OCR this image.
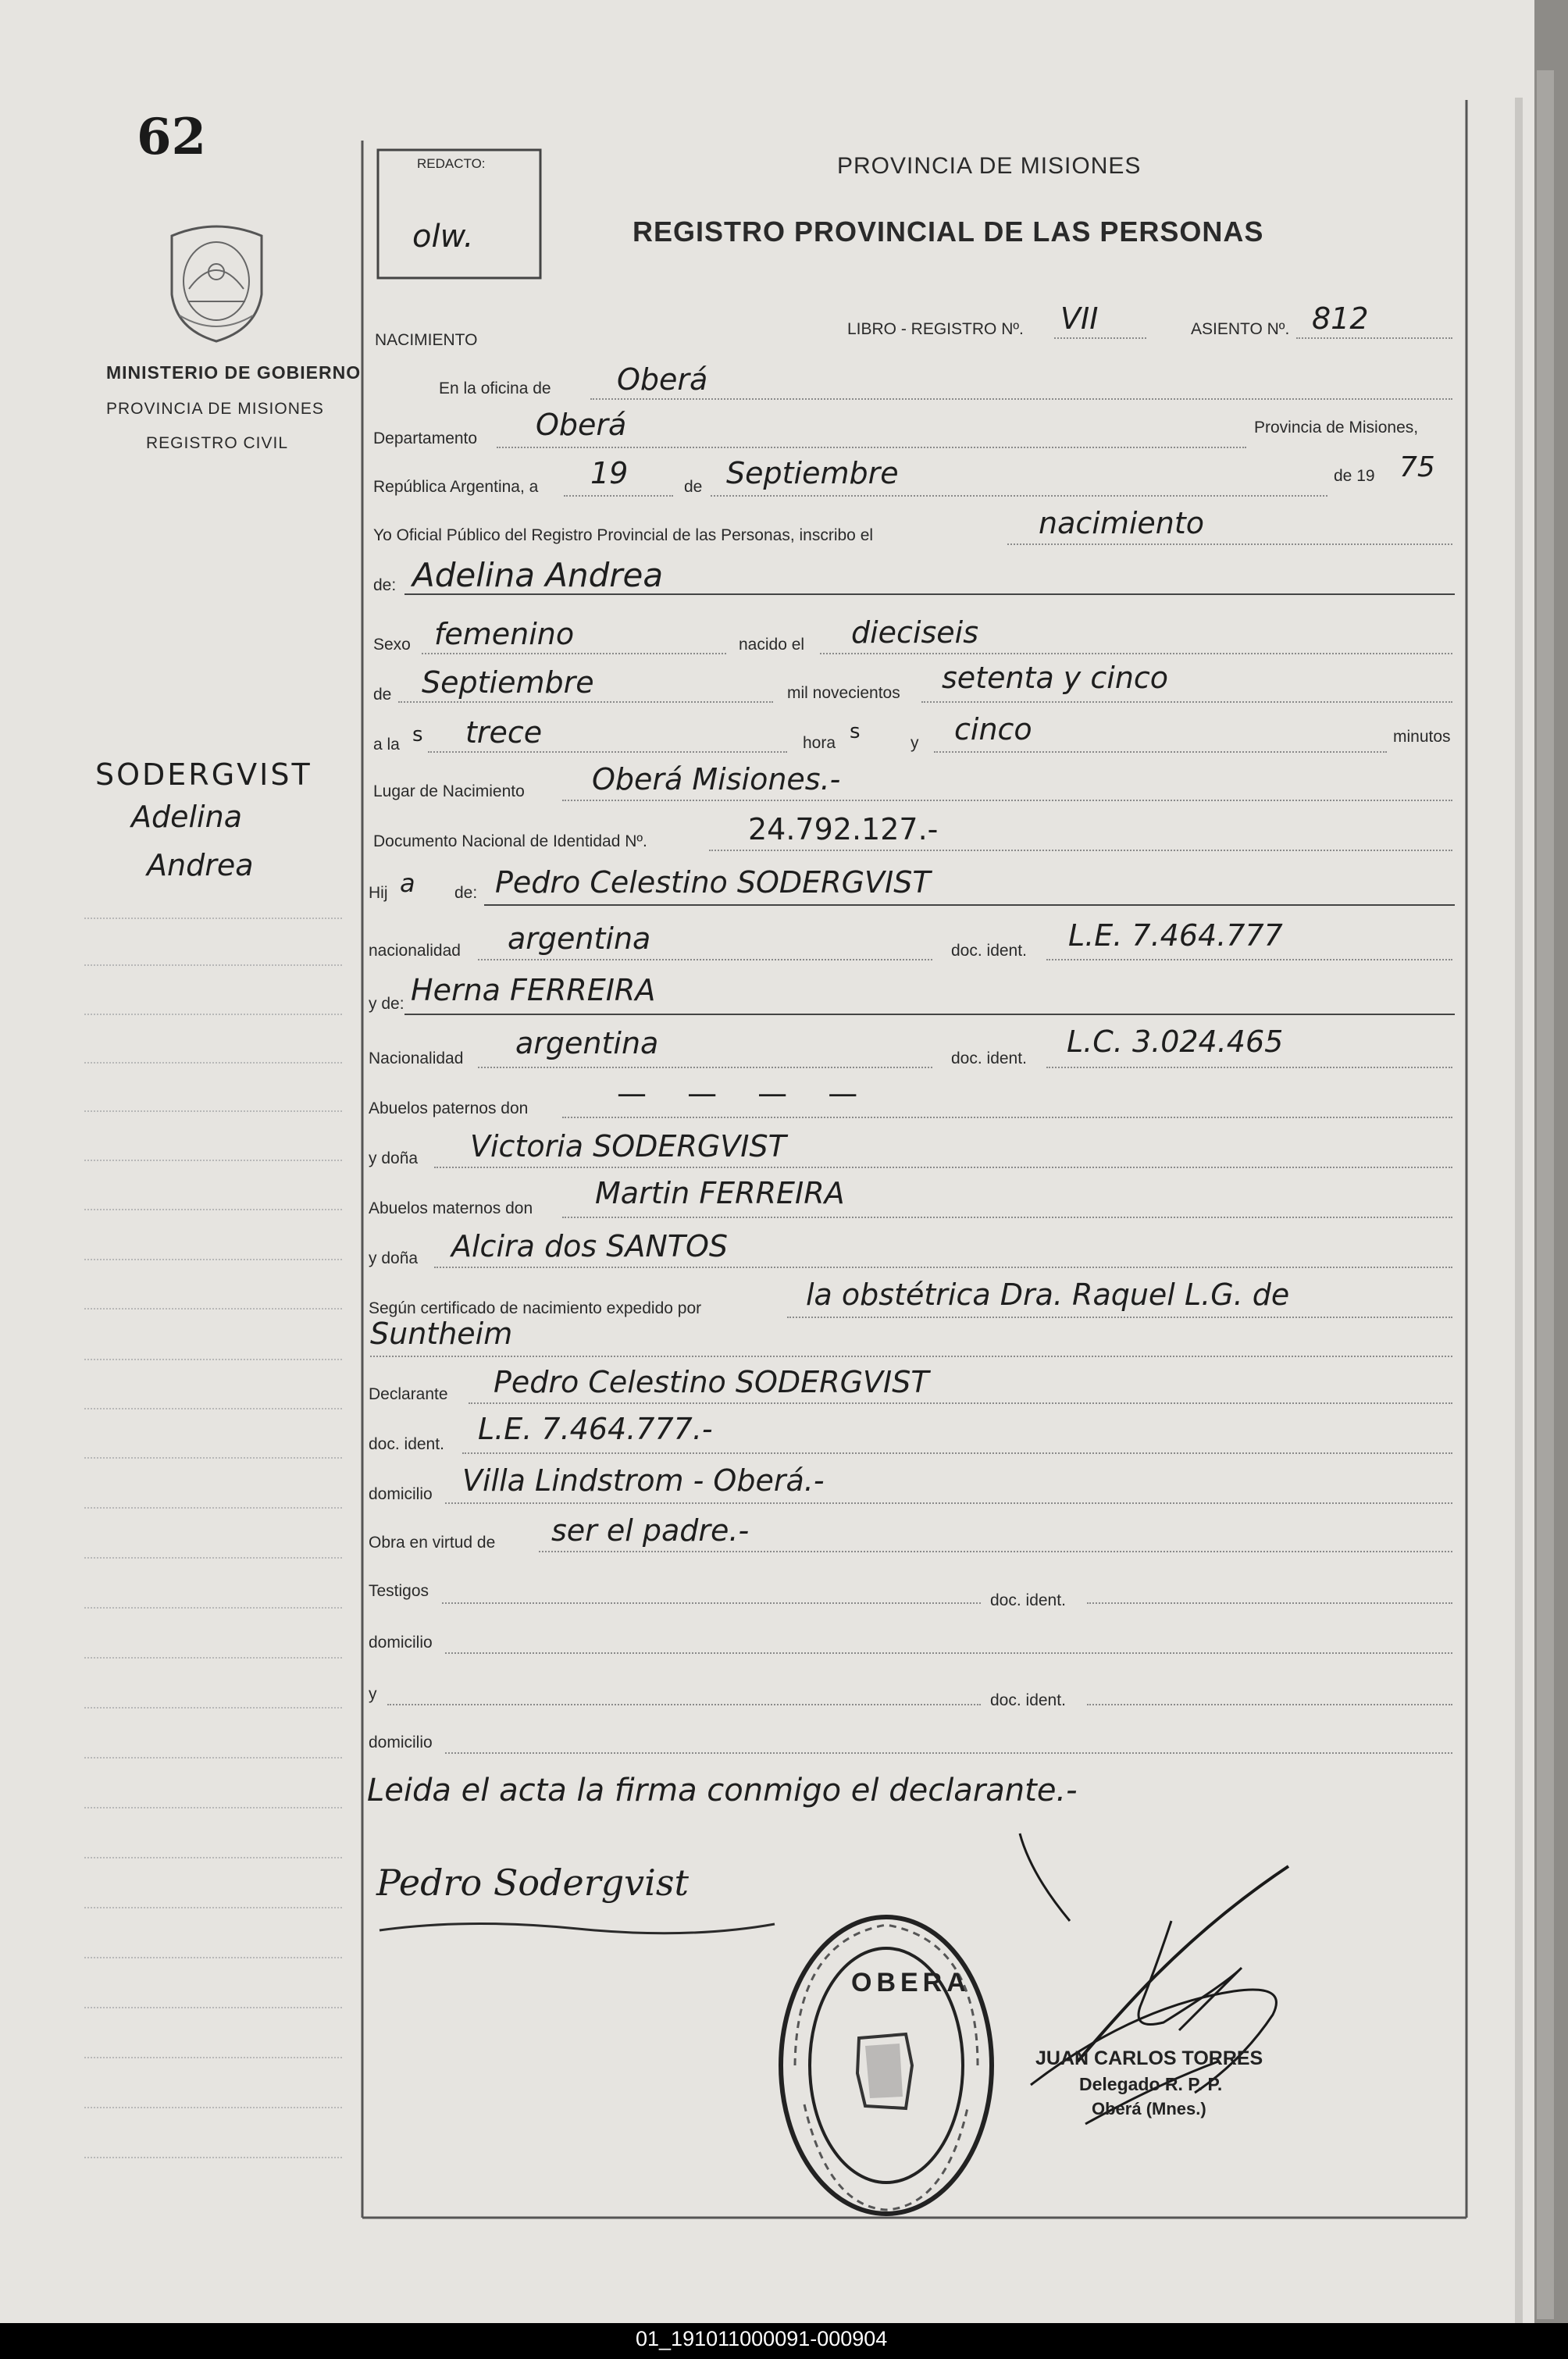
62
MINISTERIO DE GOBIERNO
PROVINCIA DE MISIONES
REGISTRO CIVIL
REDACTO:
olw.
PROVINCIA DE MISIONES
REGISTRO PROVINCIAL DE LAS PERSONAS
NACIMIENTO
LIBRO - REGISTRO Nº. VII	ASIENTO Nº. 812
SODERGVIST
Adelina
Andrea
En la oficina de Oberá
Departamento Oberá	Provincia de Misiones,
República Argentina, a 19	de Septiembre	de 19 75
Yo Oficial Público del Registro Provincial de las Personas, inscribo el	nacimiento
de: Adelina Andrea
Sexo femenino	nacido el dieciseis
de Septiembre	mil novecientos setenta y cinco
a la s trece	hora s	y cinco	minutos
Lugar de Nacimiento Oberá Misiones.-
Documento Nacional de Identidad Nº.	24.792.127.-
Hij a de: Pedro Celestino SODERGVIST
nacionalidad argentina	doc. ident. L.E. 7.464.777
y de: Herna FERREIRA
Nacionalidad argentina	doc. ident. L.C. 3.024.465
Abuelos paternos don	— — — —
y doña Victoria SODERGVIST
Abuelos maternos don Martin FERREIRA
y doña Alcira dos SANTOS
Según certificado de nacimiento expedido por	la obstétrica Dra. Raquel L.G. de
Suntheim
Declarante Pedro Celestino SODERGVIST
doc. ident. L.E. 7.464.777.-
domicilio Villa Lindstrom - Oberá.-
Obra en virtud de ser el padre.-
Testigos
doc. ident.
domicilio
y	doc. ident.
domicilio
Leida el acta la firma conmigo el declarante.-
Pedro Sodergvist
OBERA
JUAN CARLOS TORRES
Delegado R. P. P.
Oberá (Mnes.)
01_191011000091-000904
